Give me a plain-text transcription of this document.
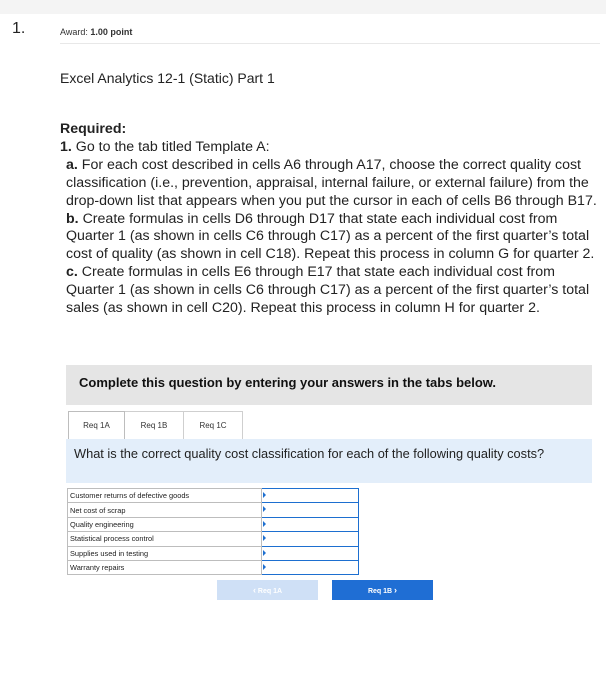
1.	Award: 1.00 point
Excel Analytics 12-1 (Static) Part 1
Required:
1. Go to the tab titled Template A:
a. For each cost described in cells A6 through A17, choose the correct quality cost classification (i.e., prevention, appraisal, internal failure, or external failure) from the drop-down list that appears when you put the cursor in each of cells B6 through B17.
b. Create formulas in cells D6 through D17 that state each individual cost from Quarter 1 (as shown in cells C6 through C17) as a percent of the first quarter’s total cost of quality (as shown in cell C18). Repeat this process in column G for quarter 2.
c. Create formulas in cells E6 through E17 that state each individual cost from Quarter 1 (as shown in cells C6 through C17) as a percent of the first quarter’s total sales (as shown in cell C20). Repeat this process in column H for quarter 2.
Complete this question by entering your answers in the tabs below.
Req 1A	Req 1B	Req 1C
What is the correct quality cost classification for each of the following quality costs?
Customer returns of defective goods	

Net cost of scrap	

Quality engineering	

Statistical process control	

Supplies used in testing	

Warranty repairs	
‹ Req 1A	Req 1B ›
